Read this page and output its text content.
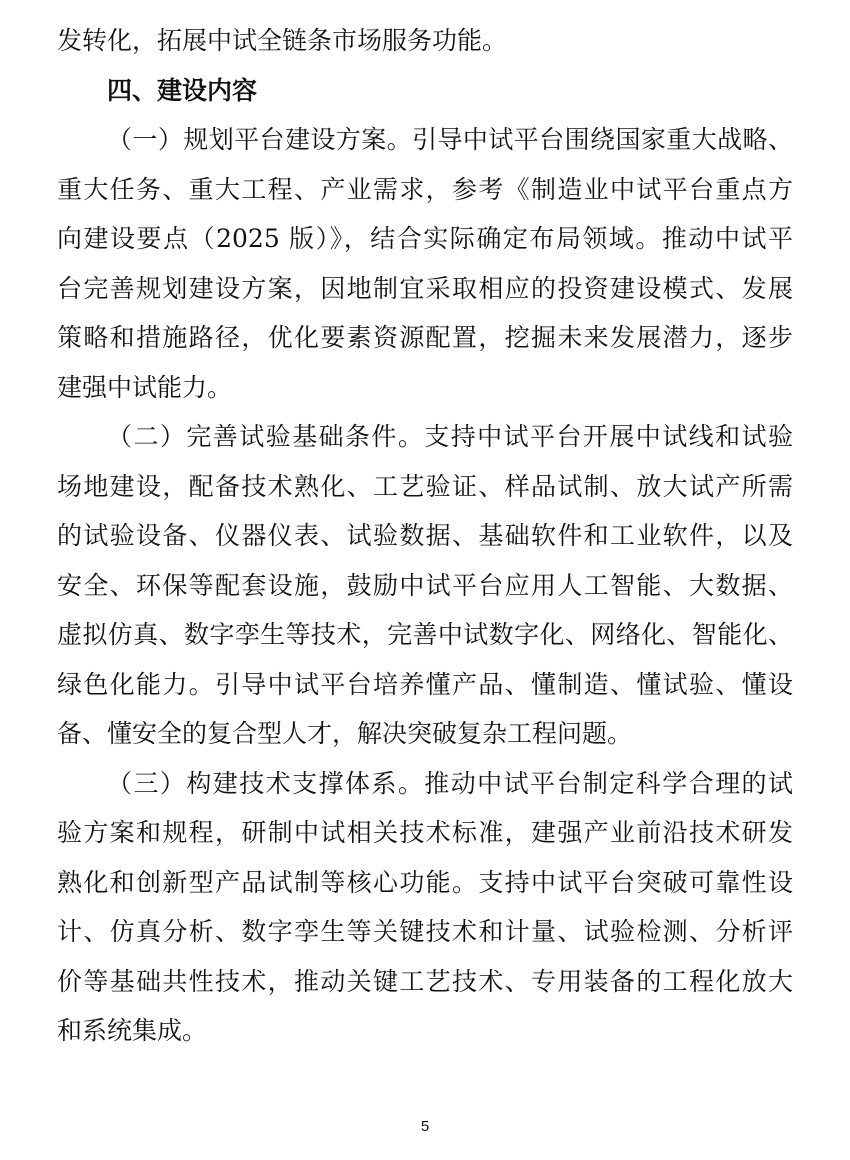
发转化，拓展中试全链条市场服务功能。
四、建设内容
（一）规划平台建设方案。引导中试平台围绕国家重大战略、
重大任务、重大工程、产业需求，参考《制造业中试平台重点方
向建设要点（2025 版）》，结合实际确定布局领域。推动中试平
台完善规划建设方案，因地制宜采取相应的投资建设模式、发展
策略和措施路径，优化要素资源配置，挖掘未来发展潜力，逐步
建强中试能力。
（二）完善试验基础条件。支持中试平台开展中试线和试验
场地建设，配备技术熟化、工艺验证、样品试制、放大试产所需
的试验设备、仪器仪表、试验数据、基础软件和工业软件，以及
安全、环保等配套设施，鼓励中试平台应用人工智能、大数据、
虚拟仿真、数字孪生等技术，完善中试数字化、网络化、智能化、
绿色化能力。引导中试平台培养懂产品、懂制造、懂试验、懂设
备、懂安全的复合型人才，解决突破复杂工程问题。
（三）构建技术支撑体系。推动中试平台制定科学合理的试
验方案和规程，研制中试相关技术标准，建强产业前沿技术研发
熟化和创新型产品试制等核心功能。支持中试平台突破可靠性设
计、仿真分析、数字孪生等关键技术和计量、试验检测、分析评
价等基础共性技术，推动关键工艺技术、专用装备的工程化放大
和系统集成。
5
